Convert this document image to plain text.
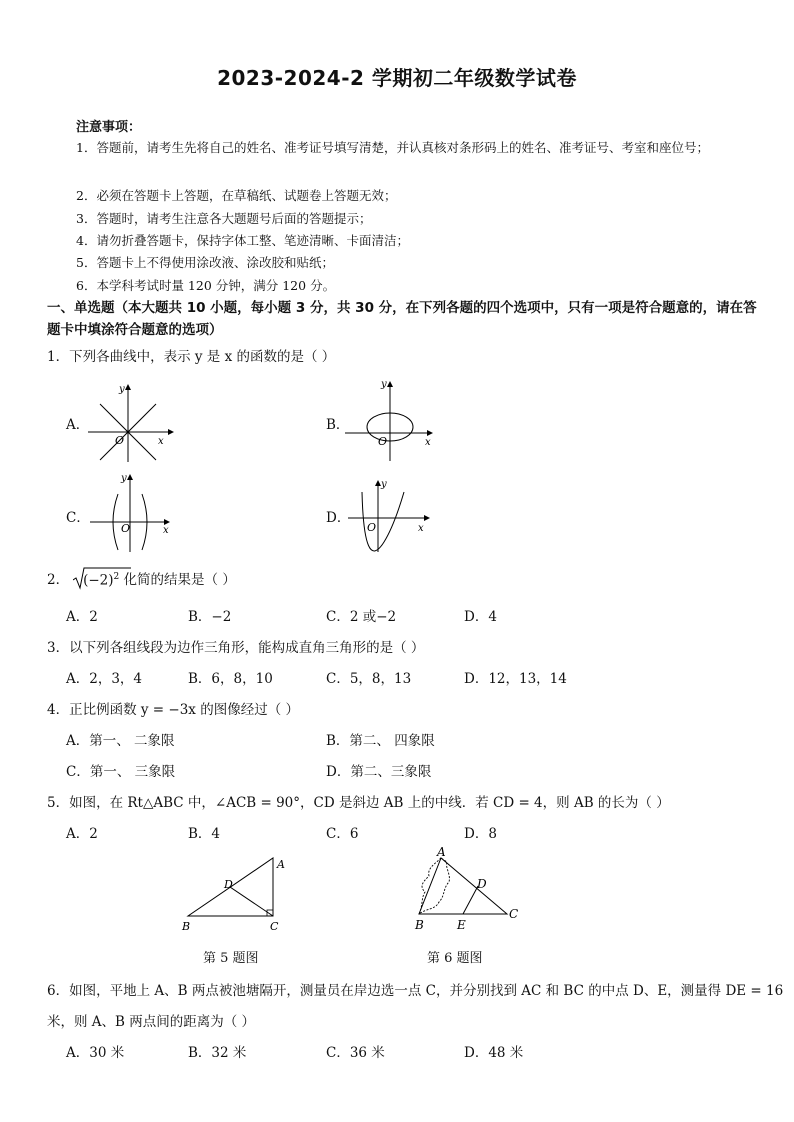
2023-2024-2 学期初二年级数学试卷
注意事项：
1．答题前，请考生先将自己的姓名、准考证号填写清楚，并认真核对条形码上的姓名、准考证号、考室和座位号；
2．必须在答题卡上答题，在草稿纸、试题卷上答题无效；
3．答题时，请考生注意各大题题号后面的答题提示；
4．请勿折叠答题卡，保持字体工整、笔迹清晰、卡面清洁；
5．答题卡上不得使用涂改液、涂改胶和贴纸；
6．本学科考试时量 120 分钟，满分 120 分。
一、单选题（本大题共 10 小题，每小题 3 分，共 30 分，在下列各题的四个选项中，只有一项是符合题意的，请在答题卡中填涂符合题意的选项）
1．下列各曲线中，表示 y 是 x 的函数的是（ ）
A．
y
x
O
B．
y
x
O
C．
y
x
O
D．
y
x
O
2． $(-2)^2$ 化简的结果是（ ）
A．2	B．−2	C．2 或−2	D．4
3．以下列各组线段为边作三角形，能构成直角三角形的是（ ）
A．2，3，4	B．6，8，10	C．5，8，13	D．12，13，14
4．正比例函数 y = −3x 的图像经过（ ）
A．第一、 二象限	B．第二、 四象限
C．第一、 三象限	D．第二、三象限
5．如图，在 Rt△ABC 中，∠ACB = 90°，CD 是斜边 AB 上的中线．若 CD = 4，则 AB 的长为（ ）
A．2	B．4	C．6	D．8
A
B	C
D
第 5 题图
A
B
C
D
E
第 6 题图
6．如图，平地上 A、B 两点被池塘隔开，测量员在岸边选一点 C，并分别找到 AC 和 BC 的中点 D、E，测量得 DE = 16
米，则 A、B 两点间的距离为（ ）
A．30 米	B．32 米	C．36 米	D．48 米
